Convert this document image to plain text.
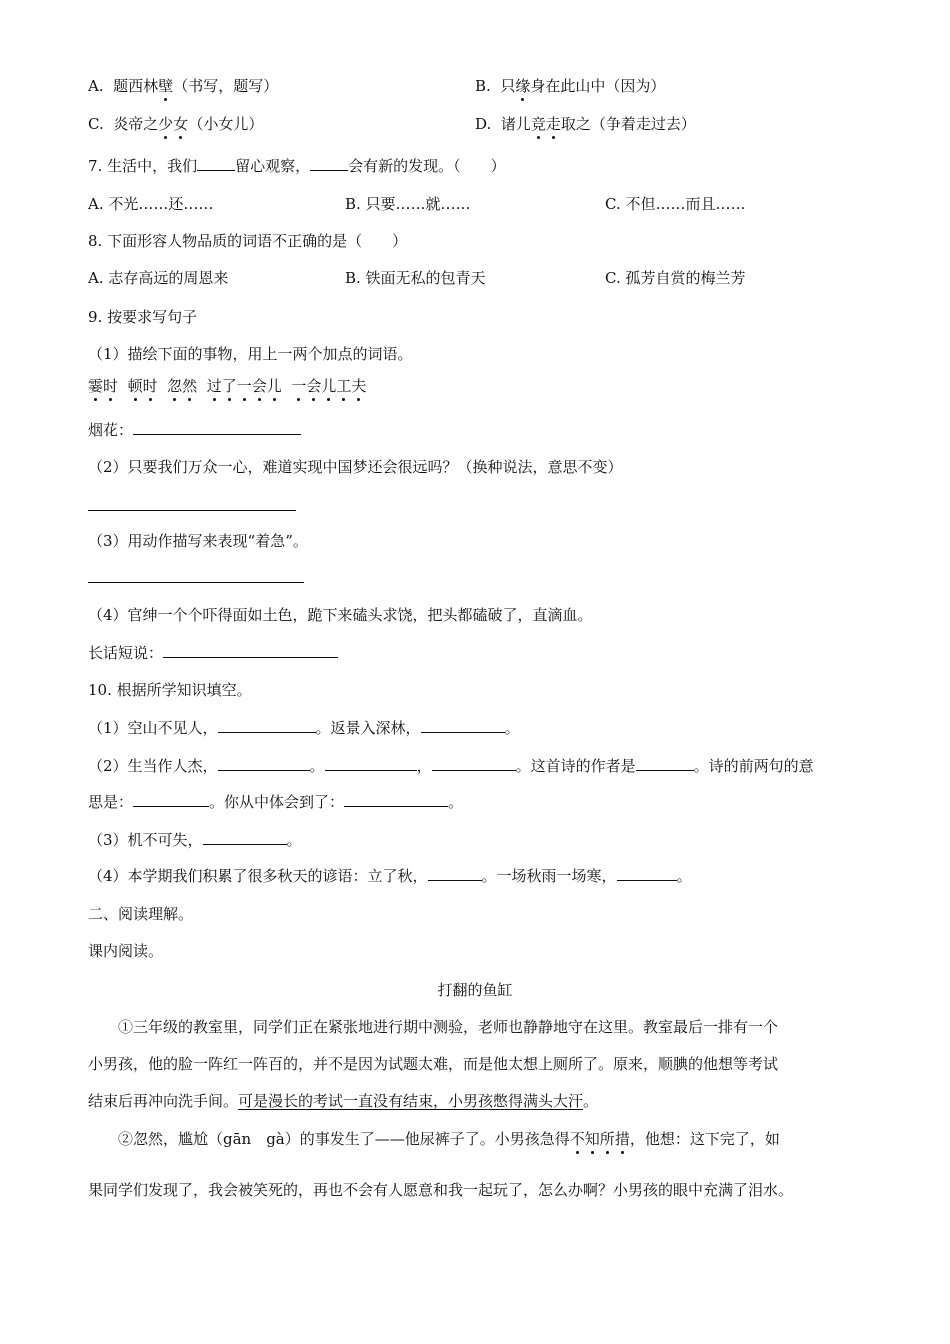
A. 题西林壁（书写，题写）	B. 只缘身在此山中（因为）
C. 炎帝之少女（小女儿）	D. 诸儿竞走取之（争着走过去）
7. 生活中，我们	留心观察，	会有新的发现。（　　）
A. 不光……还……	B. 只要……就……	C. 不但……而且……
8. 下面形容人物品质的词语不正确的是（　　）
A. 志存高远的周恩来	B. 铁面无私的包青天	C. 孤芳自赏的梅兰芳
9. 按要求写句子
（1）描绘下面的事物，用上一两个加点的词语。
霎时 顿时 忽然 过了一会儿 一会儿工夫
烟花：
（2）只要我们万众一心，难道实现中国梦还会很远吗？（换种说法，意思不变）
（3）用动作描写来表现“着急”。
（4）官绅一个个吓得面如土色，跪下来磕头求饶，把头都磕破了，直滴血。
长话短说：
10. 根据所学知识填空。
（1）空山不见人，	。返景入深林，	。
（2）生当作人杰，	。	，	。这首诗的作者是	。诗的前两句的意
思是：	。你从中体会到了：	。
（3）机不可失，	。
（4）本学期我们积累了很多秋天的谚语：立了秋，	。一场秋雨一场寒，	。
二、阅读理解。
课内阅读。
打翻的鱼缸
①三年级的教室里，同学们正在紧张地进行期中测验，老师也静静地守在这里。教室最后一排有一个
小男孩，他的脸一阵红一阵百的，并不是因为试题太难，而是他太想上厕所了。原来，顺腆的他想等考试
结束后再冲向洗手间。可是漫长的考试一直没有结束，小男孩憋得满头大汗。
②忽然，尴尬（gān　gà）的事发生了——他尿裤子了。小男孩急得不知所措，他想：这下完了，如
果同学们发现了，我会被笑死的，再也不会有人愿意和我一起玩了，怎么办啊？小男孩的眼中充满了泪水。
